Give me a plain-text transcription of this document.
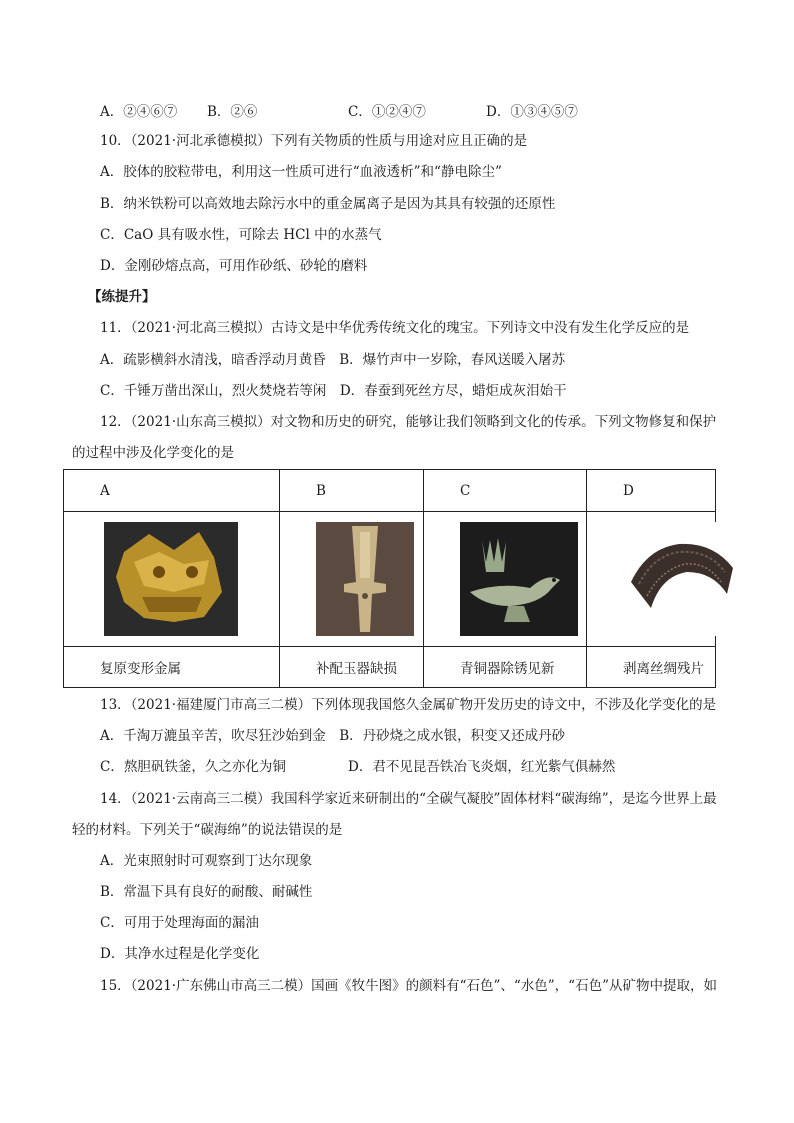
A．②④⑥⑦ B．②⑥	C．①②④⑦	D．①③④⑤⑦
10．（2021·河北承德模拟）下列有关物质的性质与用途对应且正确的是
A．胶体的胶粒带电，利用这一性质可进行“血液透析”和“静电除尘”
B．纳米铁粉可以高效地去除污水中的重金属离子是因为其具有较强的还原性
C．CaO 具有吸水性，可除去 HCl 中的水蒸气
D．金刚砂熔点高，可用作砂纸、砂轮的磨料
【练提升】
11．（2021·河北高三模拟）古诗文是中华优秀传统文化的瑰宝。下列诗文中没有发生化学反应的是
A．疏影横斜水清浅，暗香浮动月黄昏　B．爆竹声中一岁除，春风送暖入屠苏
C．千锤万凿出深山，烈火焚烧若等闲　D．春蚕到死丝方尽，蜡炬成灰泪始干
12．（2021·山东高三模拟）对文物和历史的研究，能够让我们领略到文化的传承。下列文物修复和保护
的过程中涉及化学变化的是
A	B	C	D

复原变形金属	补配玉器缺损	青铜器除锈见新	剥离丝绸残片
13．（2021·福建厦门市高三二模）下列体现我国悠久金属矿物开发历史的诗文中，不涉及化学变化的是
A．千淘万漉虽辛苦，吹尽狂沙始到金　B．丹砂烧之成水银，积变又还成丹砂
C．熬胆矾铁釜，久之亦化为铜	D．君不见昆吾铁冶飞炎烟，红光紫气俱赫然
14．（2021·云南高三二模）我国科学家近来研制出的“全碳气凝胶”固体材料“碳海绵”，是迄今世界上最
轻的材料。下列关于“碳海绵”的说法错误的是
A．光束照射时可观察到丁达尔现象
B．常温下具有良好的耐酸、耐碱性
C．可用于处理海面的漏油
D．其净水过程是化学变化
15．（2021·广东佛山市高三二模）国画《牧牛图》的颜料有“石色”、“水色”，“石色”从矿物中提取，如
